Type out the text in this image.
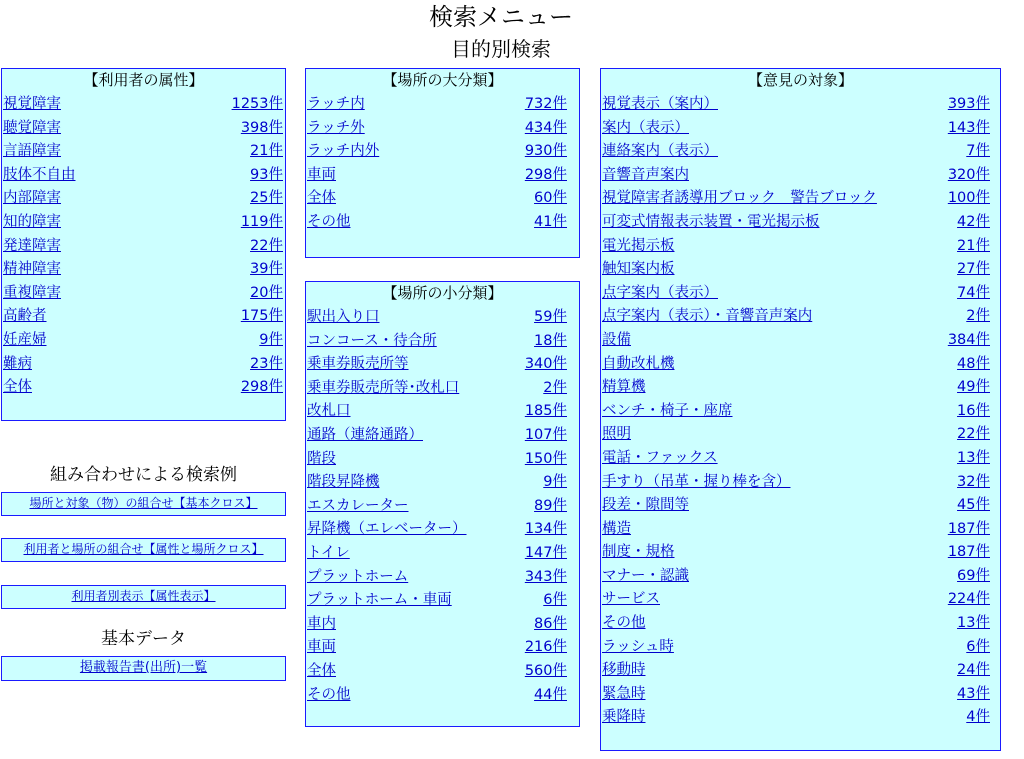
検索メニュー
目的別検索
【利用者の属性】
視覚障害	1253件
聴覚障害	398件
言語障害	21件
肢体不自由	93件
内部障害	25件
知的障害	119件
発達障害	22件
精神障害	39件
重複障害	20件
高齢者	175件
妊産婦	9件
難病	23件
全体	298件
組み合わせによる検索例
場所と対象（物）の組合せ【基本クロス】
利用者と場所の組合せ【属性と場所クロス】
利用者別表示【属性表示】
基本データ
掲載報告書(出所)一覧
【場所の大分類】
ラッチ内	732件
ラッチ外	434件
ラッチ内外	930件
車両	298件
全体	60件
その他	41件
【場所の小分類】
駅出入り口	59件
コンコース・待合所	18件
乗車券販売所等	340件
乗車券販売所等･改札口	2件
改札口	185件
通路（連絡通路）	107件
階段	150件
階段昇降機	9件
エスカレーター	89件
昇降機（エレベーター）	134件
トイレ	147件
プラットホーム	343件
プラットホーム・車両	6件
車内	86件
車両	216件
全体	560件
その他	44件
【意見の対象】
視覚表示（案内）	393件
案内（表示）	143件
連絡案内（表示）	7件
音響音声案内	320件
視覚障害者誘導用ブロック　警告ブロック	100件
可変式情報表示装置・電光掲示板	42件
電光掲示板	21件
触知案内板	27件
点字案内（表示）	74件
点字案内（表示）・音響音声案内	2件
設備	384件
自動改札機	48件
精算機	49件
ベンチ・椅子・座席	16件
照明	22件
電話・ファックス	13件
手すり（吊革・握り棒を含）	32件
段差・隙間等	45件
構造	187件
制度・規格	187件
マナー・認識	69件
サービス	224件
その他	13件
ラッシュ時	6件
移動時	24件
緊急時	43件
乗降時	4件
